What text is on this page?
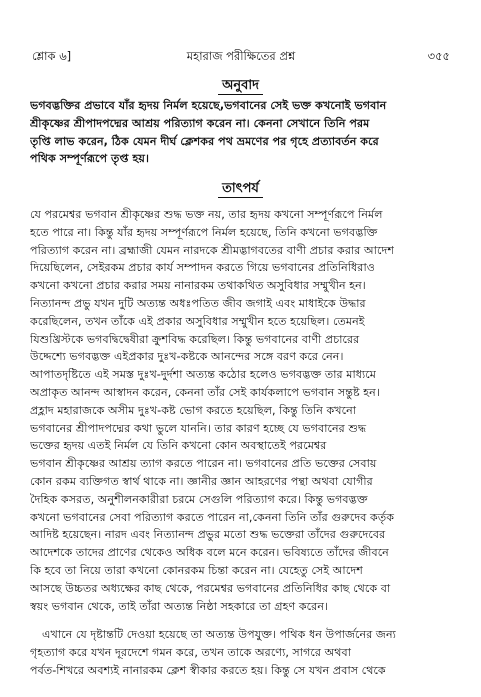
শ্লোক ৬]	মহারাজ পরীক্ষিতের প্রশ্ন	৩৫৫
অনুবাদ
ভগবদ্ভক্তির প্রভাবে যাঁর হৃদয় নির্মল হয়েছে,ভগবানের সেই ভক্ত কখনোই ভগবান
শ্রীকৃষ্ণের শ্রীপাদপদ্মের আশ্রয় পরিত্যাগ করেন না। কেননা সেখানে তিনি পরম
তৃপ্তি লাভ করেন, ঠিক যেমন দীর্ঘ ক্লেশকর পথ ভ্রমণের পর গৃহে প্রত্যাবর্তন করে
পথিক সম্পূর্ণরূপে তৃপ্ত হয়।
তাৎপর্য
যে পরমেশ্বর ভগবান শ্রীকৃষ্ণের শুদ্ধ ভক্ত নয়, তার হৃদয় কখনো সম্পূর্ণরূপে নির্মল
হতে পারে না। কিন্তু যাঁর হৃদয় সম্পূর্ণরূপে নির্মল হয়েছে, তিনি কখনো ভগবদ্ভক্তি
পরিত্যাগ করেন না। ব্রহ্মাজী যেমন নারদকে শ্রীমদ্ভাগবতের বাণী প্রচার করার আদেশ
দিয়েছিলেন, সেইরকম প্রচার কার্য সম্পাদন করতে গিয়ে ভগবানের প্রতিনিধিরাও
কখনো কখনো প্রচার করার সময় নানারকম তথাকথিত অসুবিধার সম্মুখীন হন।
নিত্যানন্দ প্রভু যখন দুটি অত্যন্ত অধঃপতিত জীব জগাই এবং মাধাইকে উদ্ধার
করেছিলেন, তখন তাঁকে এই প্রকার অসুবিধার সম্মুখীন হতে হয়েছিল। তেমনই
যিশুখ্রিস্টকে ভগবদ্বিদ্বেষীরা ক্রুশবিদ্ধ করেছিল। কিন্তু ভগবানের বাণী প্রচারের
উদ্দেশ্যে ভগবদ্ভক্ত এইপ্রকার দুঃখ-কষ্টকে আনন্দের সঙ্গে বরণ করে নেন।
আপাতদৃষ্টিতে এই সমস্ত দুঃখ-দুর্দশা অত্যন্ত কঠোর হলেও ভগবদ্ভক্ত তার মাধ্যমে
অপ্রাকৃত আনন্দ আস্বাদন করেন, কেননা তাঁর সেই কার্যকলাপে ভগবান সন্তুষ্ট হন।
প্রহ্লাদ মহারাজকে অসীম দুঃখ-কষ্ট ভোগ করতে হয়েছিল, কিন্তু তিনি কখনো
ভগবানের শ্রীপাদপদ্মের কথা ভুলে যাননি। তার কারণ হচ্ছে যে ভগবানের শুদ্ধ
ভক্তের হৃদয় এতই নির্মল যে তিনি কখনো কোন অবস্থাতেই পরমেশ্বর
ভগবান শ্রীকৃষ্ণের আশ্রয় ত্যাগ করতে পারেন না। ভগবানের প্রতি ভক্তের সেবায়
কোন রকম ব্যক্তিগত স্বার্থ থাকে না। জ্ঞানীর জ্ঞান আহরণের পন্থা অথবা যোগীর
দৈহিক কসরত, অনুশীলনকারীরা চরমে সেগুলি পরিত্যাগ করে। কিন্তু ভগবদ্ভক্ত
কখনো ভগবানের সেবা পরিত্যাগ করতে পারেন না,কেননা তিনি তাঁর গুরুদেব কর্তৃক
আদিষ্ট হয়েছেন। নারদ এবং নিত্যানন্দ প্রভুর মতো শুদ্ধ ভক্তেরা তাঁদের গুরুদেবের
আদেশকে তাদের প্রাণের থেকেও অধিক বলে মনে করেন। ভবিষ্যতে তাঁদের জীবনে
কি হবে তা নিয়ে তারা কখনো কোনরকম চিন্তা করেন না। যেহেতু সেই আদেশ
আসছে উচ্চতর অধ্যক্ষের কাছ থেকে, পরমেশ্বর ভগবানের প্রতিনিধির কাছ থেকে বা
স্বয়ং ভগবান থেকে, তাই তাঁরা অত্যন্ত নিষ্ঠা সহকারে তা গ্রহণ করেন।
এখানে যে দৃষ্টান্তটি দেওয়া হয়েছে তা অত্যন্ত উপযুক্ত। পথিক ধন উপার্জনের জন্য
গৃহত্যাগ করে যখন দূরদেশে গমন করে, তখন তাকে অরণ্যে, সাগরে অথবা
পর্বত-শিখরে অবশ্যই নানারকম ক্লেশ স্বীকার করতে হয়। কিন্তু সে যখন প্রবাস থেকে
